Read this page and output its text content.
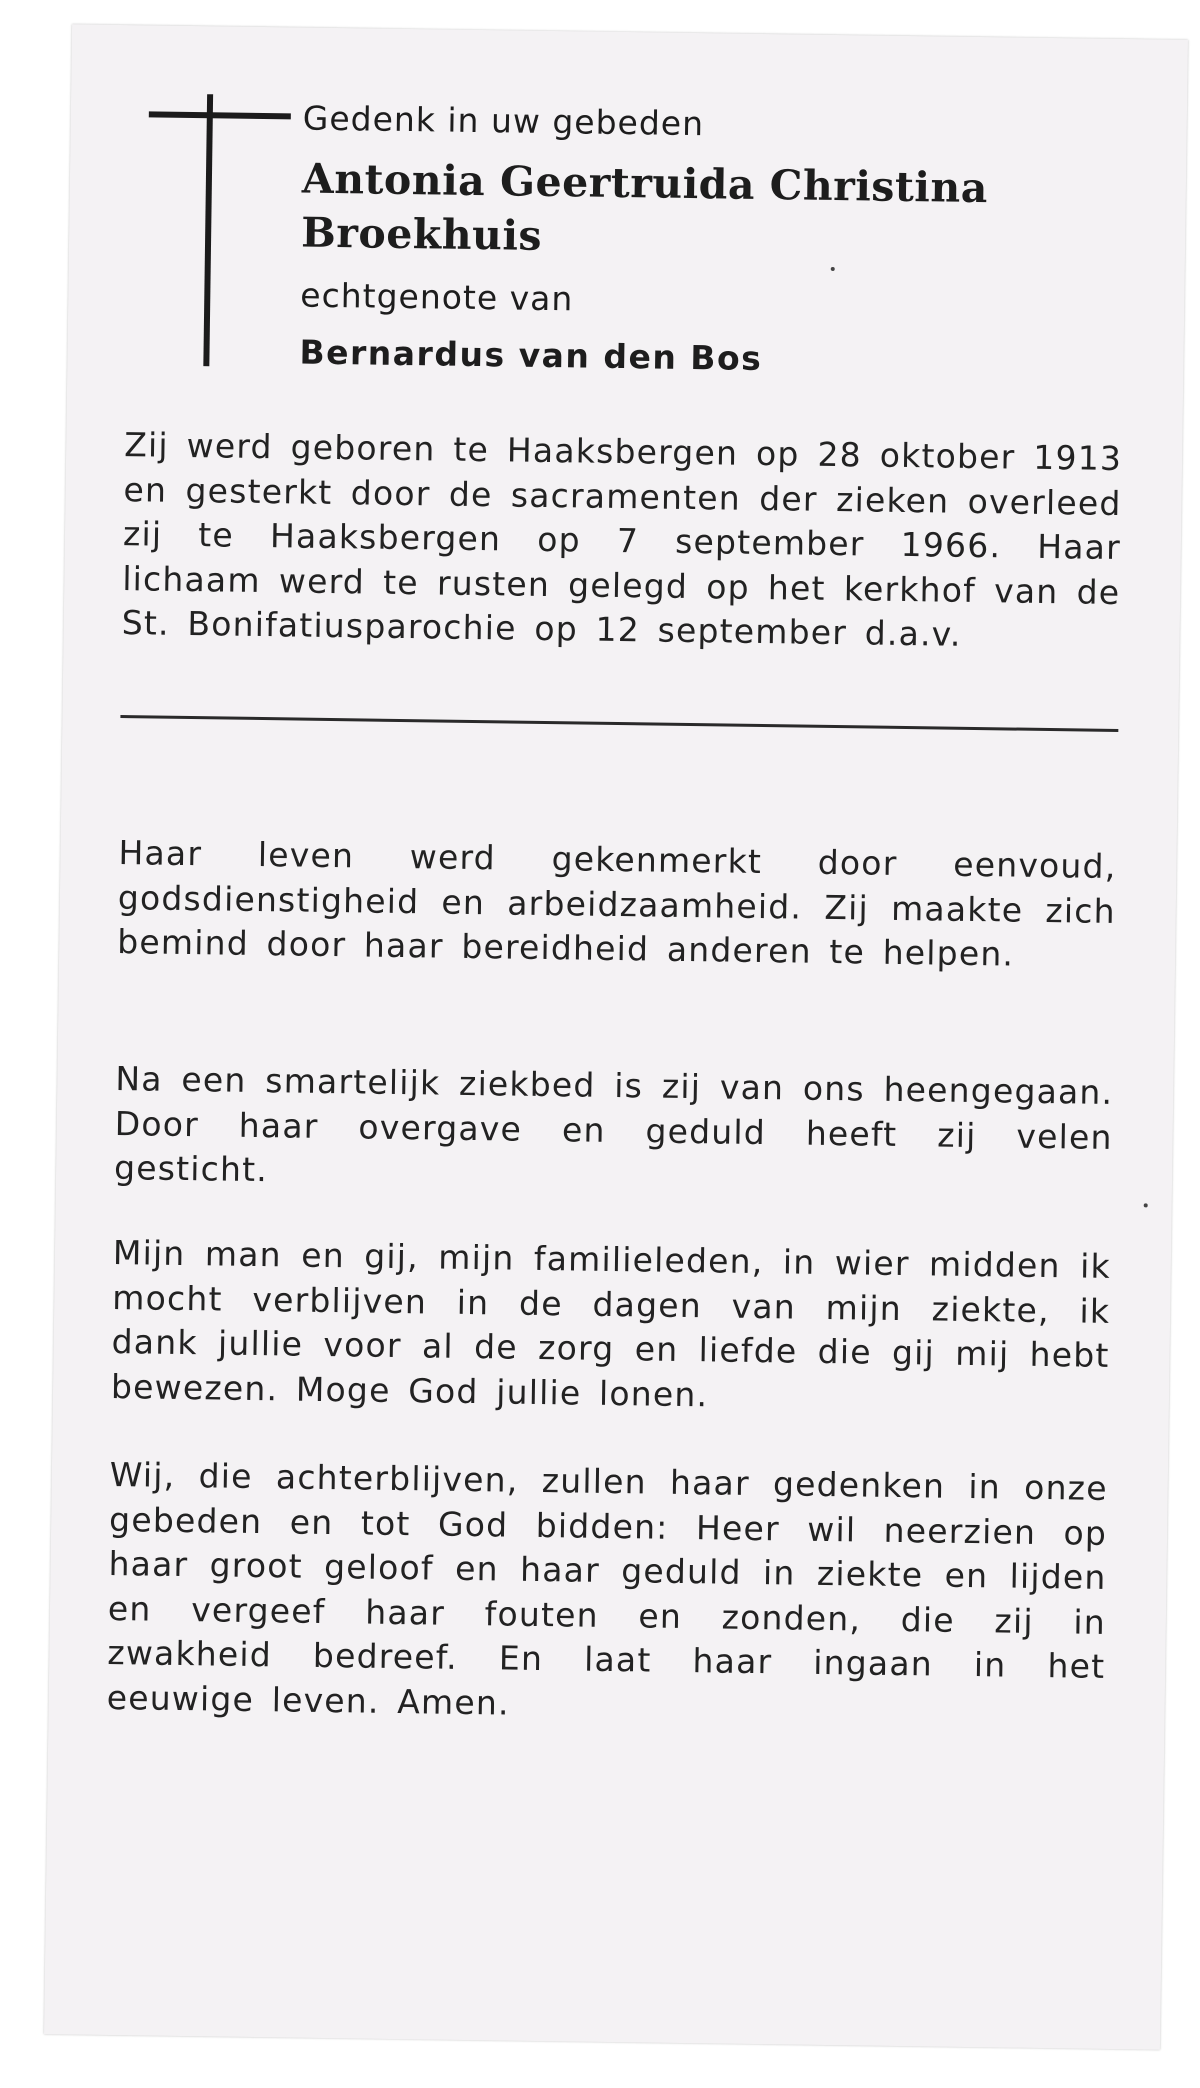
Gedenk in uw gebeden

Antonia Geertruida Christina

Broekhuis

echtgenote van

Bernardus van den Bos

Zij werd geboren te Haaksbergen op 28 oktober 1913 en gesterkt door de sacramenten der zieken overleed zij te Haaksbergen op 7 september 1966. Haar lichaam werd te rusten gelegd op het kerkhof van de St. Bonifatiusparochie op 12 september d.a.v.

Haar leven werd gekenmerkt door eenvoud, godsdienstigheid en arbeidzaamheid. Zij maakte zich bemind door haar bereidheid anderen te helpen.

Na een smartelijk ziekbed is zij van ons heengegaan. Door haar overgave en geduld heeft zij velen gesticht.

Mijn man en gij, mijn familieleden, in wier midden ik mocht verblijven in de dagen van mijn ziekte, ik dank jullie voor al de zorg en liefde die gij mij hebt bewezen. Moge God jullie lonen.

Wij, die achterblijven, zullen haar gedenken in onze gebeden en tot God bidden: Heer wil neerzien op haar groot geloof en haar geduld in ziekte en lijden en vergeef haar fouten en zonden, die zij in zwakheid bedreef. En laat haar ingaan in het eeuwige leven. Amen.
